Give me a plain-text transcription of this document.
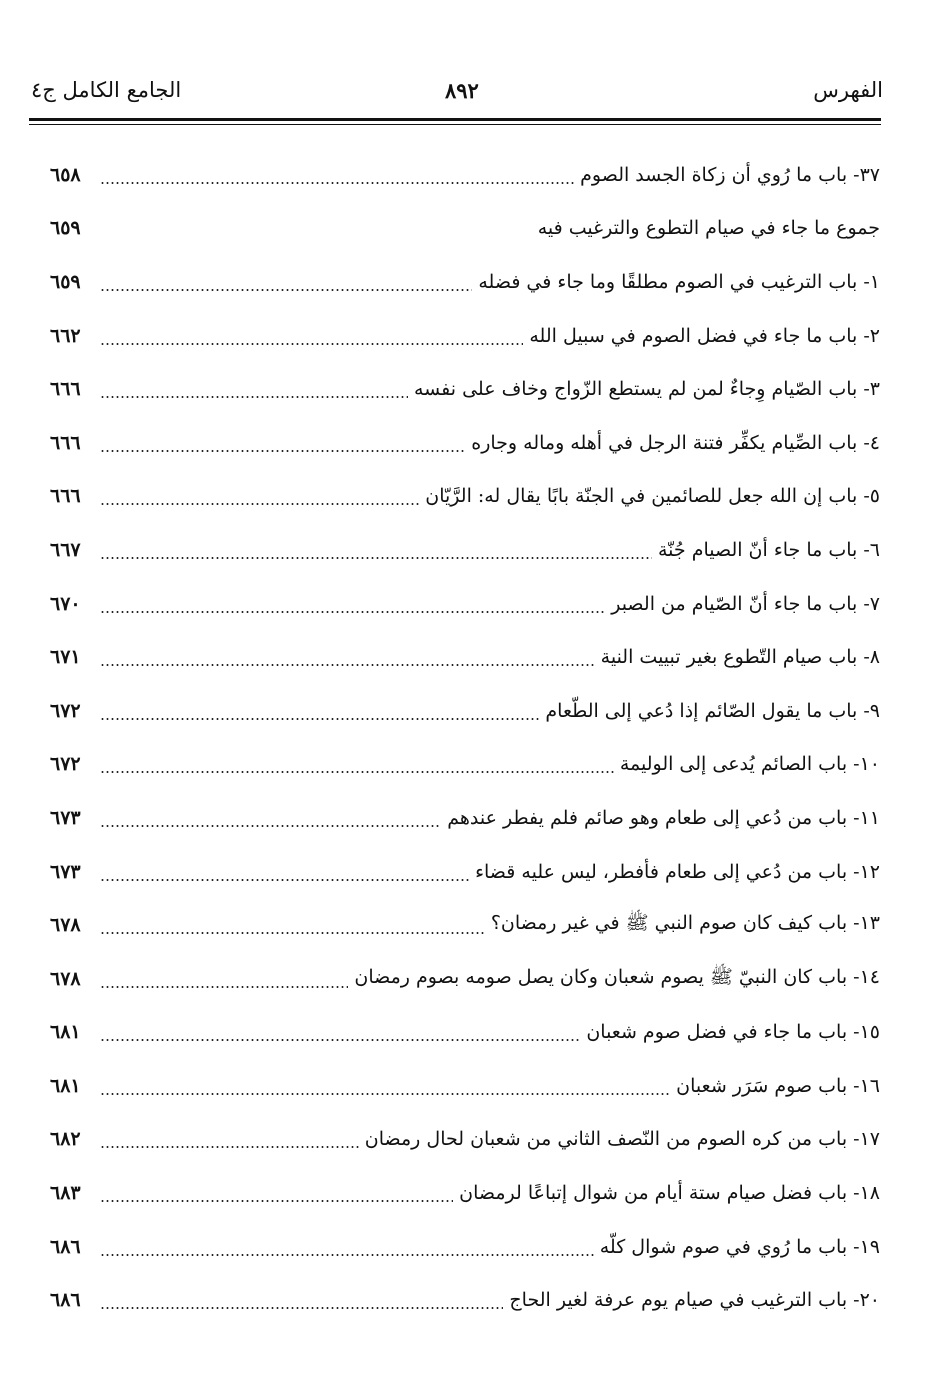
الجامع الكامل ج٤	٨٩٢	الفهرس
٣٧- باب ما رُوي أن زكاة الجسد الصوم
٦٥٨
جموع ما جاء في صيام التطوع والترغيب فيه
٦٥٩
١- باب الترغيب في الصوم مطلقًا وما جاء في فضله
٦٥٩
٢- باب ما جاء في فضل الصوم في سبيل الله
٦٦٢
٣- باب الصّيام وِجاءٌ لمن لم يستطع الزّواج وخاف على نفسه
٦٦٦
٤- باب الصِّيام يكفِّر فتنة الرجل في أهله وماله وجاره
٦٦٦
٥- باب إن الله جعل للصائمين في الجنّة بابًا يقال له: الرَّيّان
٦٦٦
٦- باب ما جاء أنّ الصيام جُنّة
٦٦٧
٧- باب ما جاء أنّ الصّيام من الصبر
٦٧٠
٨- باب صيام التّطوع بغير تبييت النية
٦٧١
٩- باب ما يقول الصّائم إذا دُعي إلى الطّعام
٦٧٢
١٠- باب الصائم يُدعى إلى الوليمة
٦٧٢
١١- باب من دُعي إلى طعام وهو صائم فلم يفطر عندهم
٦٧٣
١٢- باب من دُعي إلى طعام فأفطر، ليس عليه قضاء
٦٧٣
١٣- باب كيف كان صوم النبي ﷺ في غير رمضان؟
٦٧٨
١٤- باب كان النبيّ ﷺ يصوم شعبان وكان يصل صومه بصوم رمضان
٦٧٨
١٥- باب ما جاء في فضل صوم شعبان
٦٨١
١٦- باب صوم سَرَر شعبان
٦٨١
١٧- باب من كره الصوم من النّصف الثاني من شعبان لحال رمضان
٦٨٢
١٨- باب فضل صيام ستة أيام من شوال إتباعًا لرمضان
٦٨٣
١٩- باب ما رُوي في صوم شوال كلّه
٦٨٦
٢٠- باب الترغيب في صيام يوم عرفة لغير الحاج
٦٨٦
